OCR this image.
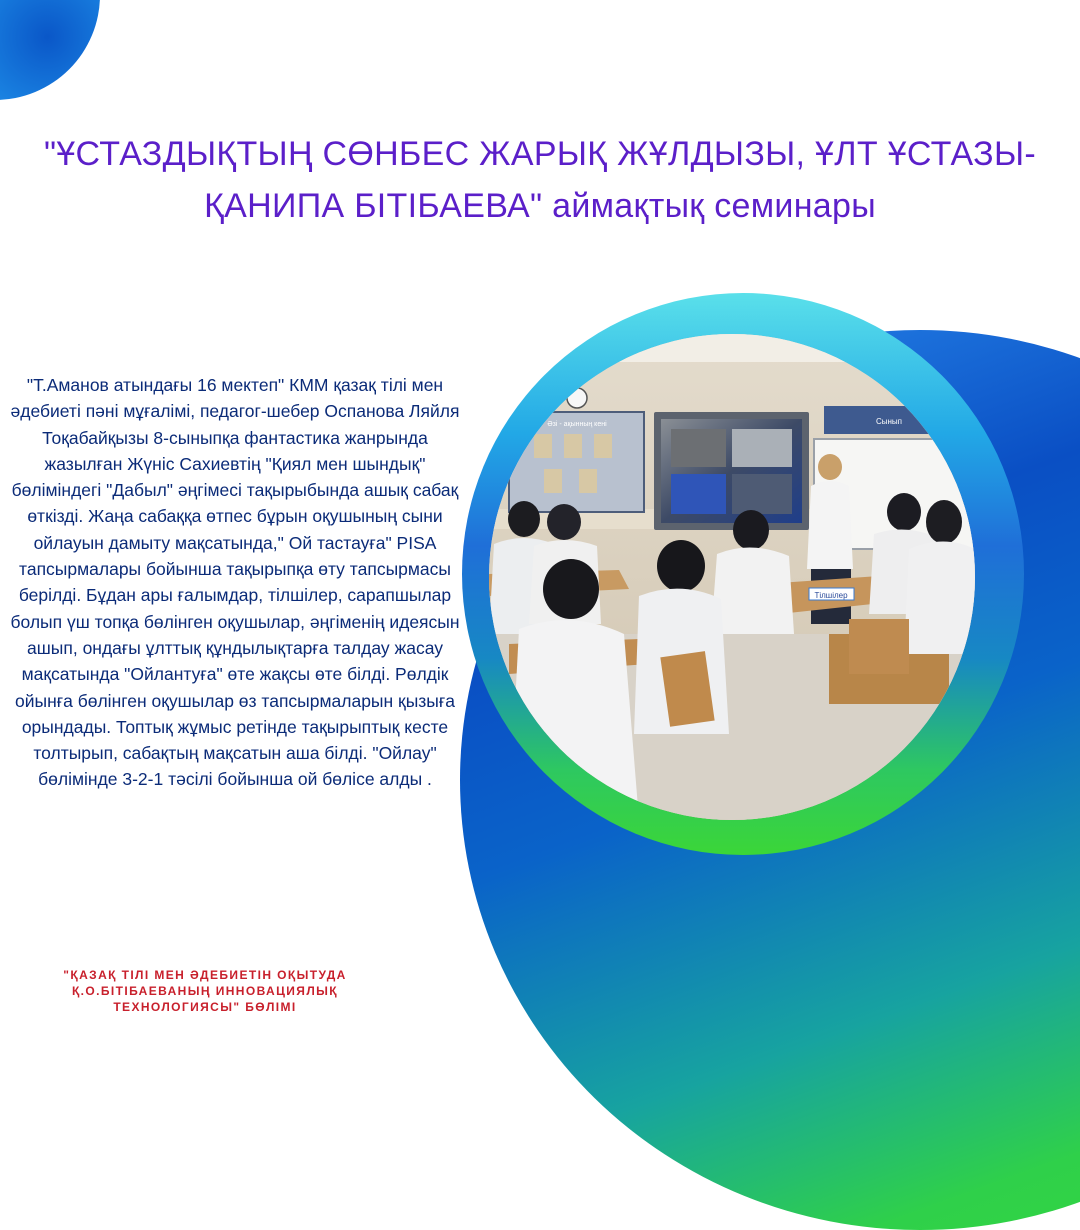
Әзі - ақынның кені	Сынып
Тілшілер
"ҰСТАЗДЫҚТЫҢ СӨНБЕС ЖАРЫҚ ЖҰЛДЫЗЫ, ҰЛТ ҰСТАЗЫ- ҚАНИПА БІТІБАЕВА" аймақтық семинары

"Т.Аманов атындағы 16 мектеп" КММ қазақ тілі мен әдебиеті пәні мұғалімі, педагог-шебер Оспанова Ляйля Тоқабайқызы 8-сыныпқа фантастика жанрында жазылған Жүніс Сахиевтің "Қиял мен шындық" бөліміндегі "Дабыл" әңгімесі тақырыбында ашық сабақ өткізді. Жаңа сабаққа өтпес бұрын оқушының сыни ойлауын дамыту мақсатында," Ой тастауға" PISA тапсырмалары бойынша тақырыпқа өту тапсырмасы берілді. Бұдан ары ғалымдар, тілшілер, сарапшылар болып үш топқа бөлінген оқушылар, әңгіменің идеясын ашып, ондағы ұлттық құндылықтарға талдау жасау мақсатында "Ойлантуға" өте жақсы өте білді. Рөлдік ойынға бөлінген оқушылар өз тапсырмаларын қызыға орындады. Топтық жұмыс ретінде тақырыптық кесте толтырып, сабақтың мақсатын аша білді. "Ойлау" бөлімінде 3-2-1 тәсілі бойынша ой бөлісе алды .

"ҚАЗАҚ ТІЛІ МЕН ӘДЕБИЕТІН ОҚЫТУДА Қ.О.БІТІБАЕВАНЫҢ ИННОВАЦИЯЛЫҚ ТЕХНОЛОГИЯСЫ" БӨЛІМІ
